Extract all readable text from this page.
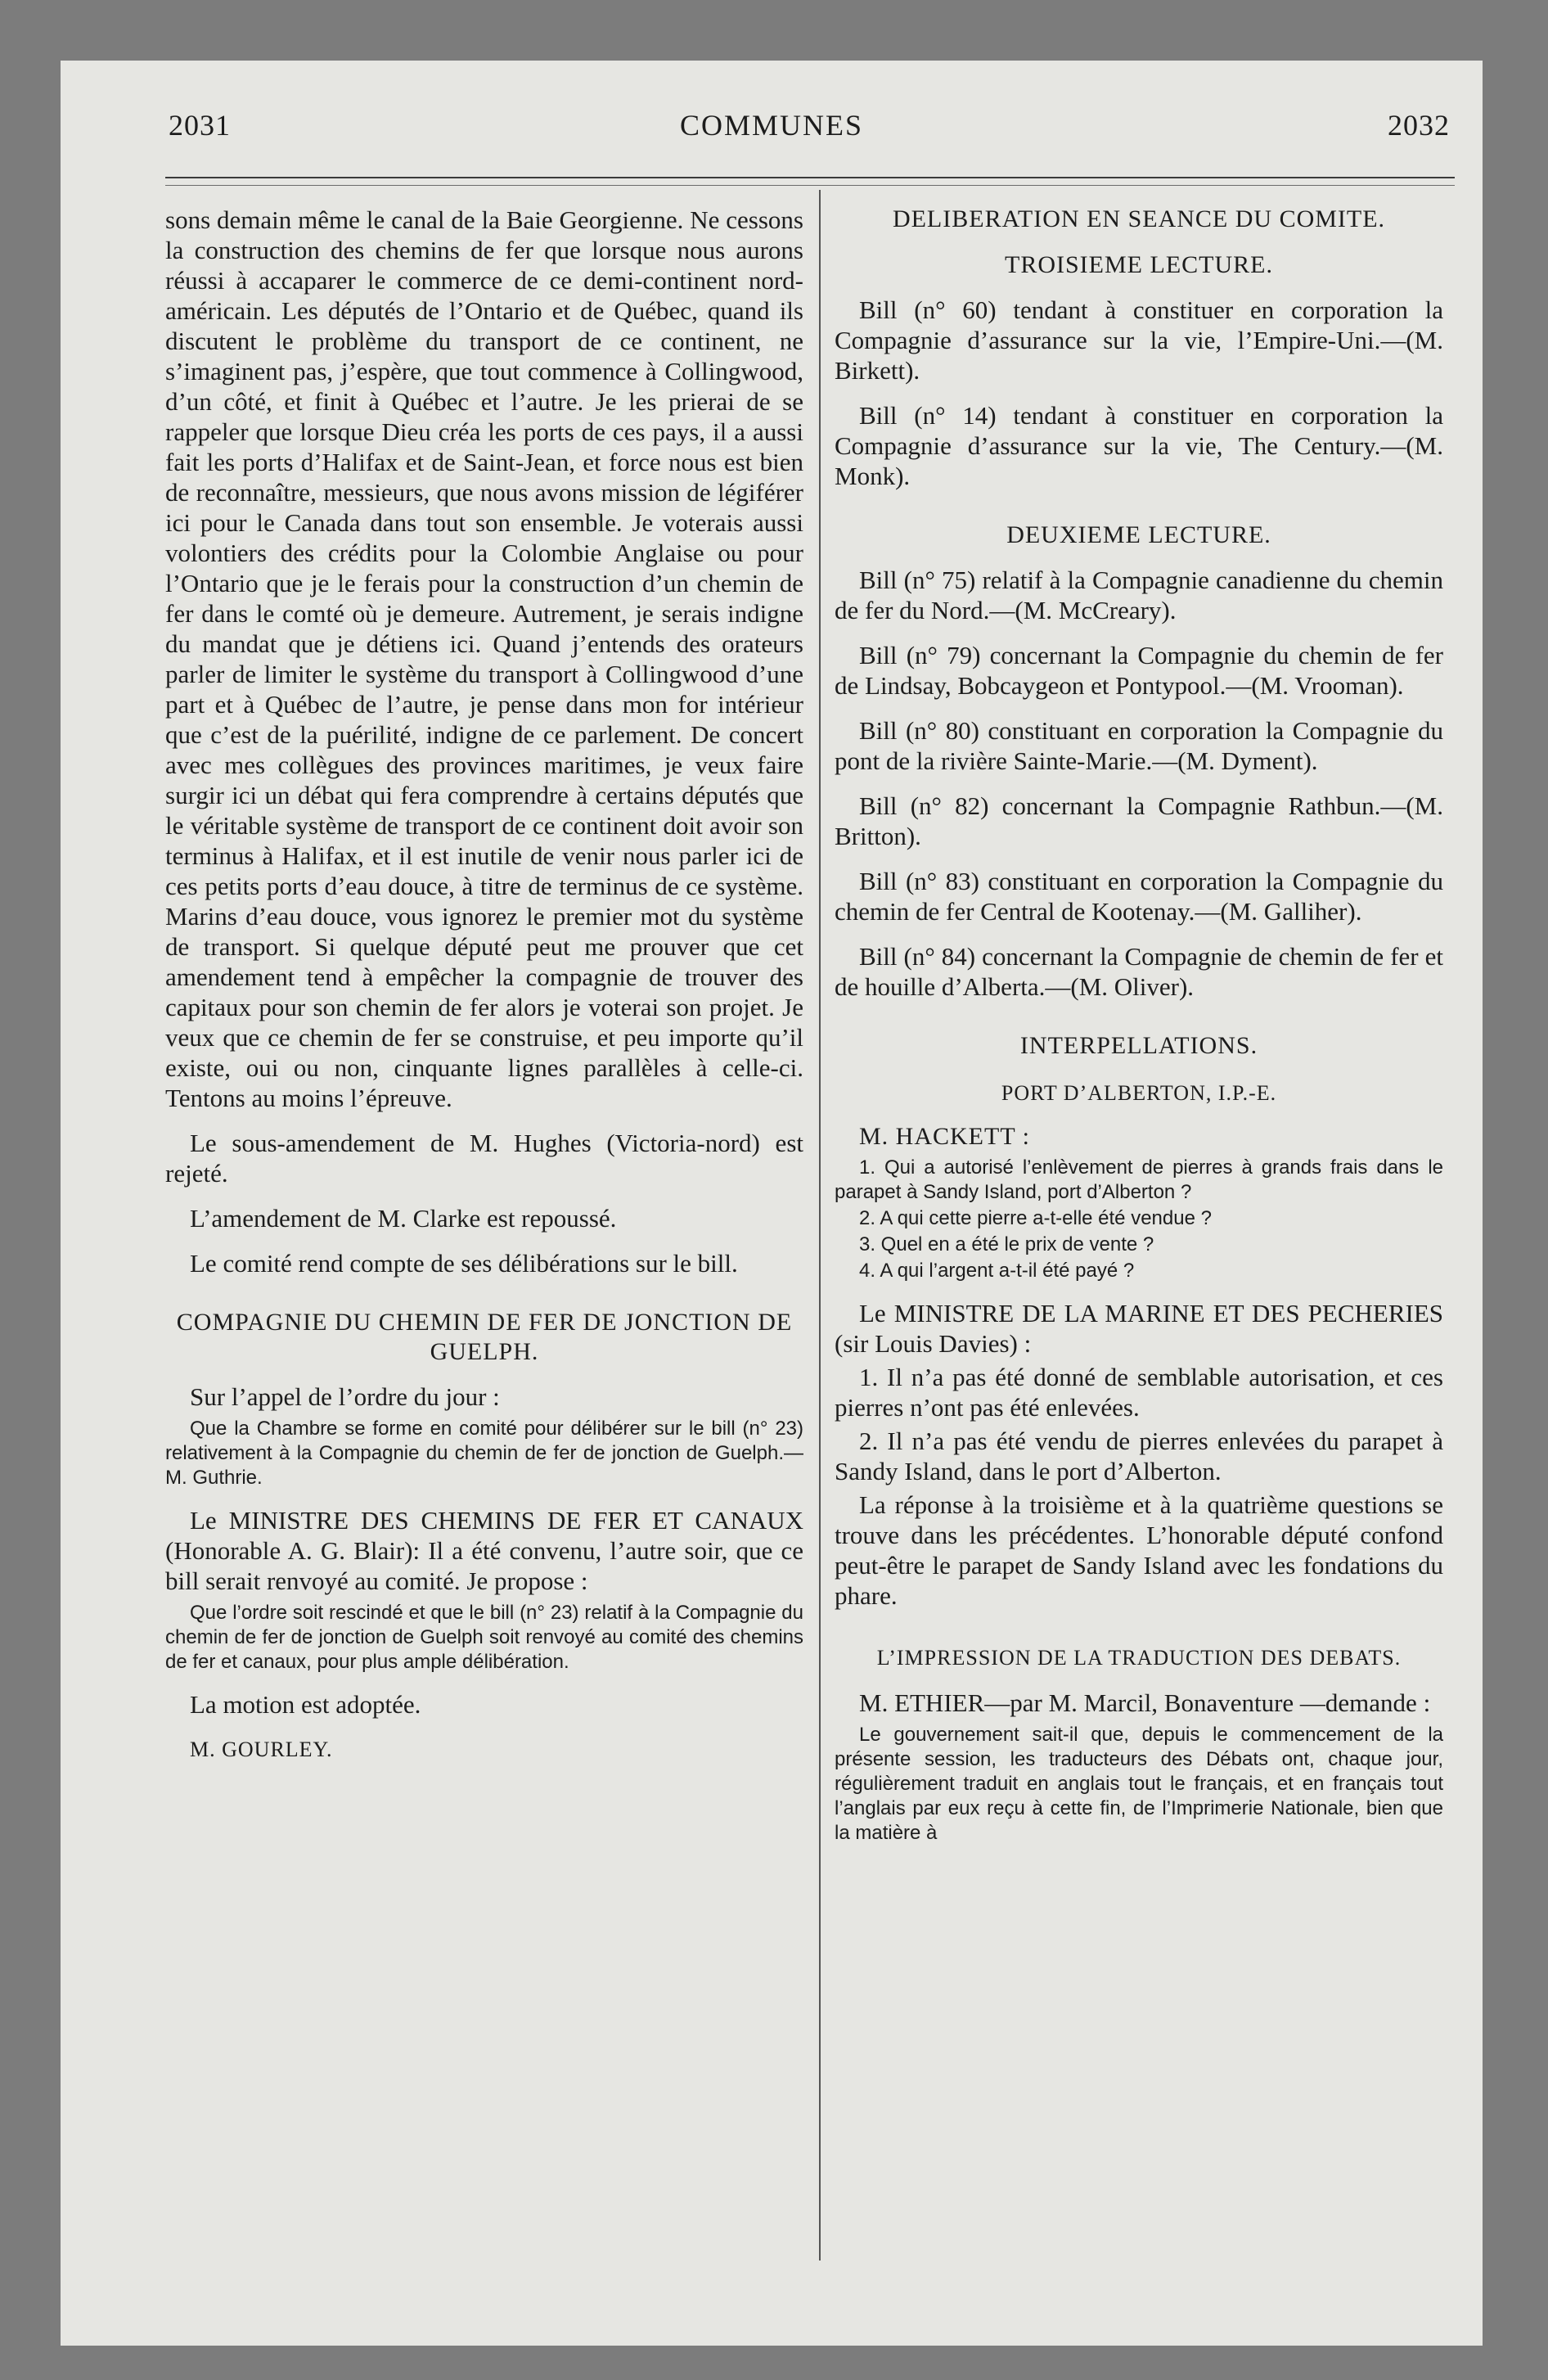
2031	COMMUNES	2032

sons demain même le canal de la Baie Georgienne. Ne cessons la construction des chemins de fer que lorsque nous aurons réussi à accaparer le commerce de ce demi-continent nord-américain. Les députés de l’Ontario et de Québec, quand ils discutent le problème du transport de ce continent, ne s’imaginent pas, j’espère, que tout commence à Collingwood, d’un côté, et finit à Québec et l’autre. Je les prierai de se rappeler que lorsque Dieu créa les ports de ces pays, il a aussi fait les ports d’Halifax et de Saint-Jean, et force nous est bien de reconnaître, messieurs, que nous avons mission de légiférer ici pour le Canada dans tout son ensemble. Je voterais aussi volontiers des crédits pour la Colombie Anglaise ou pour l’Ontario que je le ferais pour la construction d’un chemin de fer dans le comté où je demeure. Autrement, je serais indigne du mandat que je détiens ici. Quand j’entends des orateurs parler de limiter le système du transport à Collingwood d’une part et à Québec de l’autre, je pense dans mon for intérieur que c’est de la puérilité, indigne de ce parlement. De concert avec mes collègues des provinces maritimes, je veux faire surgir ici un débat qui fera comprendre à certains députés que le véritable système de transport de ce continent doit avoir son terminus à Halifax, et il est inutile de venir nous parler ici de ces petits ports d’eau douce, à titre de terminus de ce système. Marins d’eau douce, vous ignorez le premier mot du système de transport. Si quelque député peut me prouver que cet amendement tend à empêcher la compagnie de trouver des capitaux pour son chemin de fer alors je voterai son projet. Je veux que ce chemin de fer se construise, et peu importe qu’il existe, oui ou non, cinquante lignes parallèles à celle-ci. Tentons au moins l’épreuve.

Le sous-amendement de M. Hughes (Victoria-nord) est rejeté.

L’amendement de M. Clarke est repoussé.

Le comité rend compte de ses délibérations sur le bill.

COMPAGNIE DU CHEMIN DE FER DE JONCTION DE GUELPH.

Sur l’appel de l’ordre du jour :

Que la Chambre se forme en comité pour délibérer sur le bill (n° 23) relativement à la Compagnie du chemin de fer de jonction de Guelph.—M. Guthrie.

Le MINISTRE DES CHEMINS DE FER ET CANAUX (Honorable A. G. Blair): Il a été convenu, l’autre soir, que ce bill serait renvoyé au comité. Je propose :

Que l’ordre soit rescindé et que le bill (n° 23) relatif à la Compagnie du chemin de fer de jonction de Guelph soit renvoyé au comité des chemins de fer et canaux, pour plus ample délibération.

La motion est adoptée.

M. GOURLEY.

DELIBERATION EN SEANCE DU COMITE.
TROISIEME LECTURE.

Bill (n° 60) tendant à constituer en corporation la Compagnie d’assurance sur la vie, l’Empire-Uni.—(M. Birkett).

Bill (n° 14) tendant à constituer en corporation la Compagnie d’assurance sur la vie, The Century.—(M. Monk).

DEUXIEME LECTURE.

Bill (n° 75) relatif à la Compagnie canadienne du chemin de fer du Nord.—(M. McCreary).

Bill (n° 79) concernant la Compagnie du chemin de fer de Lindsay, Bobcaygeon et Pontypool.—(M. Vrooman).

Bill (n° 80) constituant en corporation la Compagnie du pont de la rivière Sainte-Marie.—(M. Dyment).

Bill (n° 82) concernant la Compagnie Rathbun.—(M. Britton).

Bill (n° 83) constituant en corporation la Compagnie du chemin de fer Central de Kootenay.—(M. Galliher).

Bill (n° 84) concernant la Compagnie de chemin de fer et de houille d’Alberta.—(M. Oliver).

INTERPELLATIONS.
PORT D’ALBERTON, I.P.-E.
M. HACKETT :

1. Qui a autorisé l’enlèvement de pierres à grands frais dans le parapet à Sandy Island, port d’Alberton ?

2. A qui cette pierre a-t-elle été vendue ?

3. Quel en a été le prix de vente ?

4. A qui l’argent a-t-il été payé ?

Le MINISTRE DE LA MARINE ET DES PECHERIES (sir Louis Davies) :

1. Il n’a pas été donné de semblable autorisation, et ces pierres n’ont pas été enlevées.

2. Il n’a pas été vendu de pierres enlevées du parapet à Sandy Island, dans le port d’Alberton.

La réponse à la troisième et à la quatrième questions se trouve dans les précédentes. L’honorable député confond peut-être le parapet de Sandy Island avec les fondations du phare.

L’IMPRESSION DE LA TRADUCTION DES DEBATS.

M. ETHIER—par M. Marcil, Bonaventure —demande :

Le gouvernement sait-il que, depuis le commencement de la présente session, les traducteurs des Débats ont, chaque jour, régulièrement traduit en anglais tout le français, et en français tout l’anglais par eux reçu à cette fin, de l’Imprimerie Nationale, bien que la matière à
